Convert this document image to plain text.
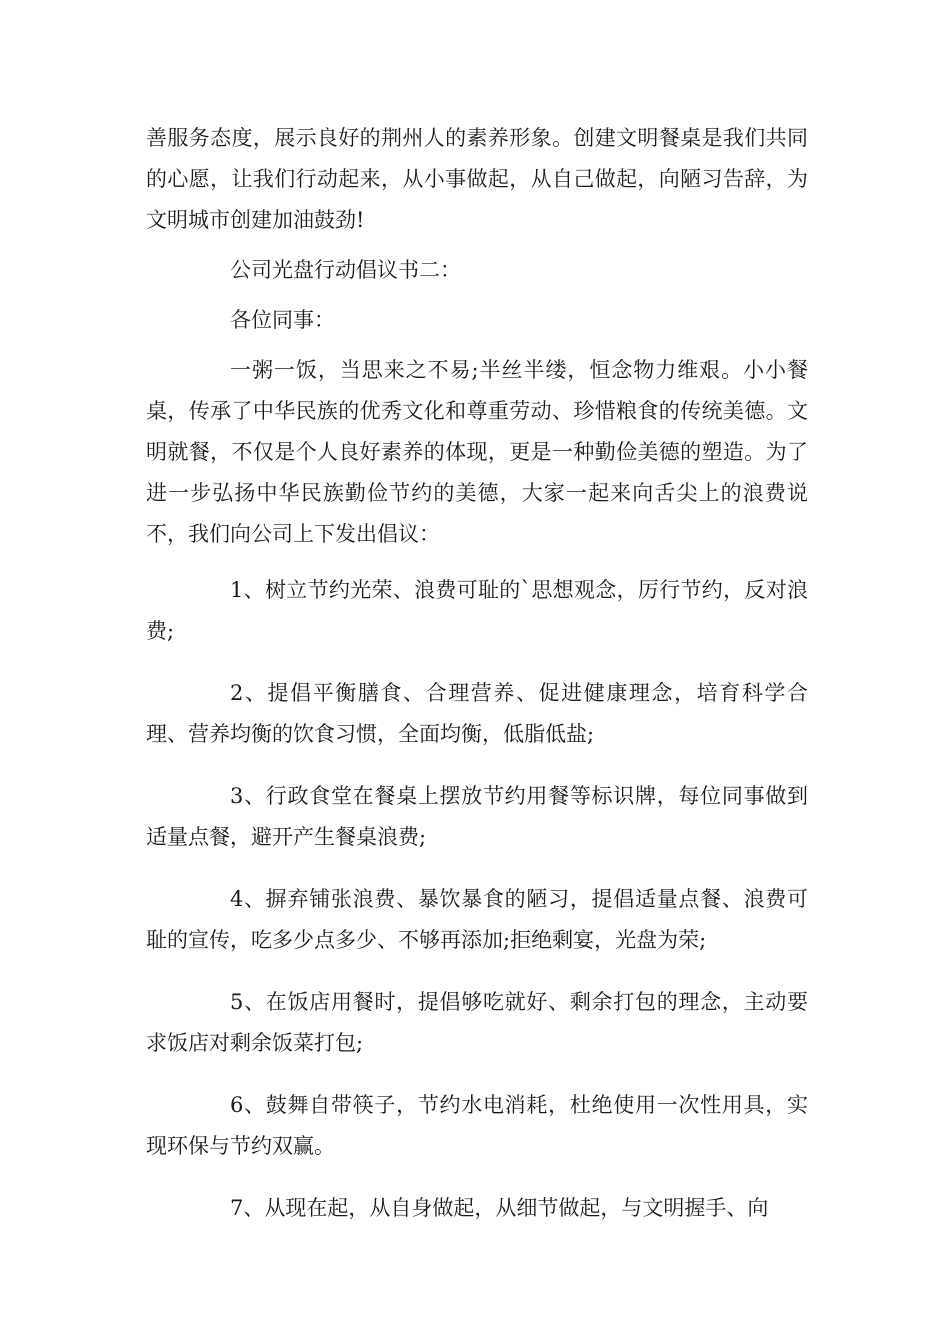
善服务态度，展示良好的荆州人的素养形象。创建文明餐桌是我们共同的心愿，让我们行动起来，从小事做起，从自己做起，向陋习告辞，为文明城市创建加油鼓劲!

公司光盘行动倡议书二：

各位同事：

一粥一饭，当思来之不易;半丝半缕，恒念物力维艰。小小餐桌，传承了中华民族的优秀文化和尊重劳动、珍惜粮食的传统美德。文明就餐，不仅是个人良好素养的体现，更是一种勤俭美德的塑造。为了进一步弘扬中华民族勤俭节约的美德，大家一起来向舌尖上的浪费说不，我们向公司上下发出倡议：

1、树立节约光荣、浪费可耻的`思想观念，厉行节约，反对浪费;

2、提倡平衡膳食、合理营养、促进健康理念，培育科学合理、营养均衡的饮食习惯，全面均衡，低脂低盐;

3、行政食堂在餐桌上摆放节约用餐等标识牌，每位同事做到适量点餐，避开产生餐桌浪费;

4、摒弃铺张浪费、暴饮暴食的陋习，提倡适量点餐、浪费可耻的宣传，吃多少点多少、不够再添加;拒绝剩宴，光盘为荣;

5、在饭店用餐时，提倡够吃就好、剩余打包的理念，主动要求饭店对剩余饭菜打包;

6、鼓舞自带筷子，节约水电消耗，杜绝使用一次性用具，实现环保与节约双赢。

7、从现在起，从自身做起，从细节做起，与文明握手、向
